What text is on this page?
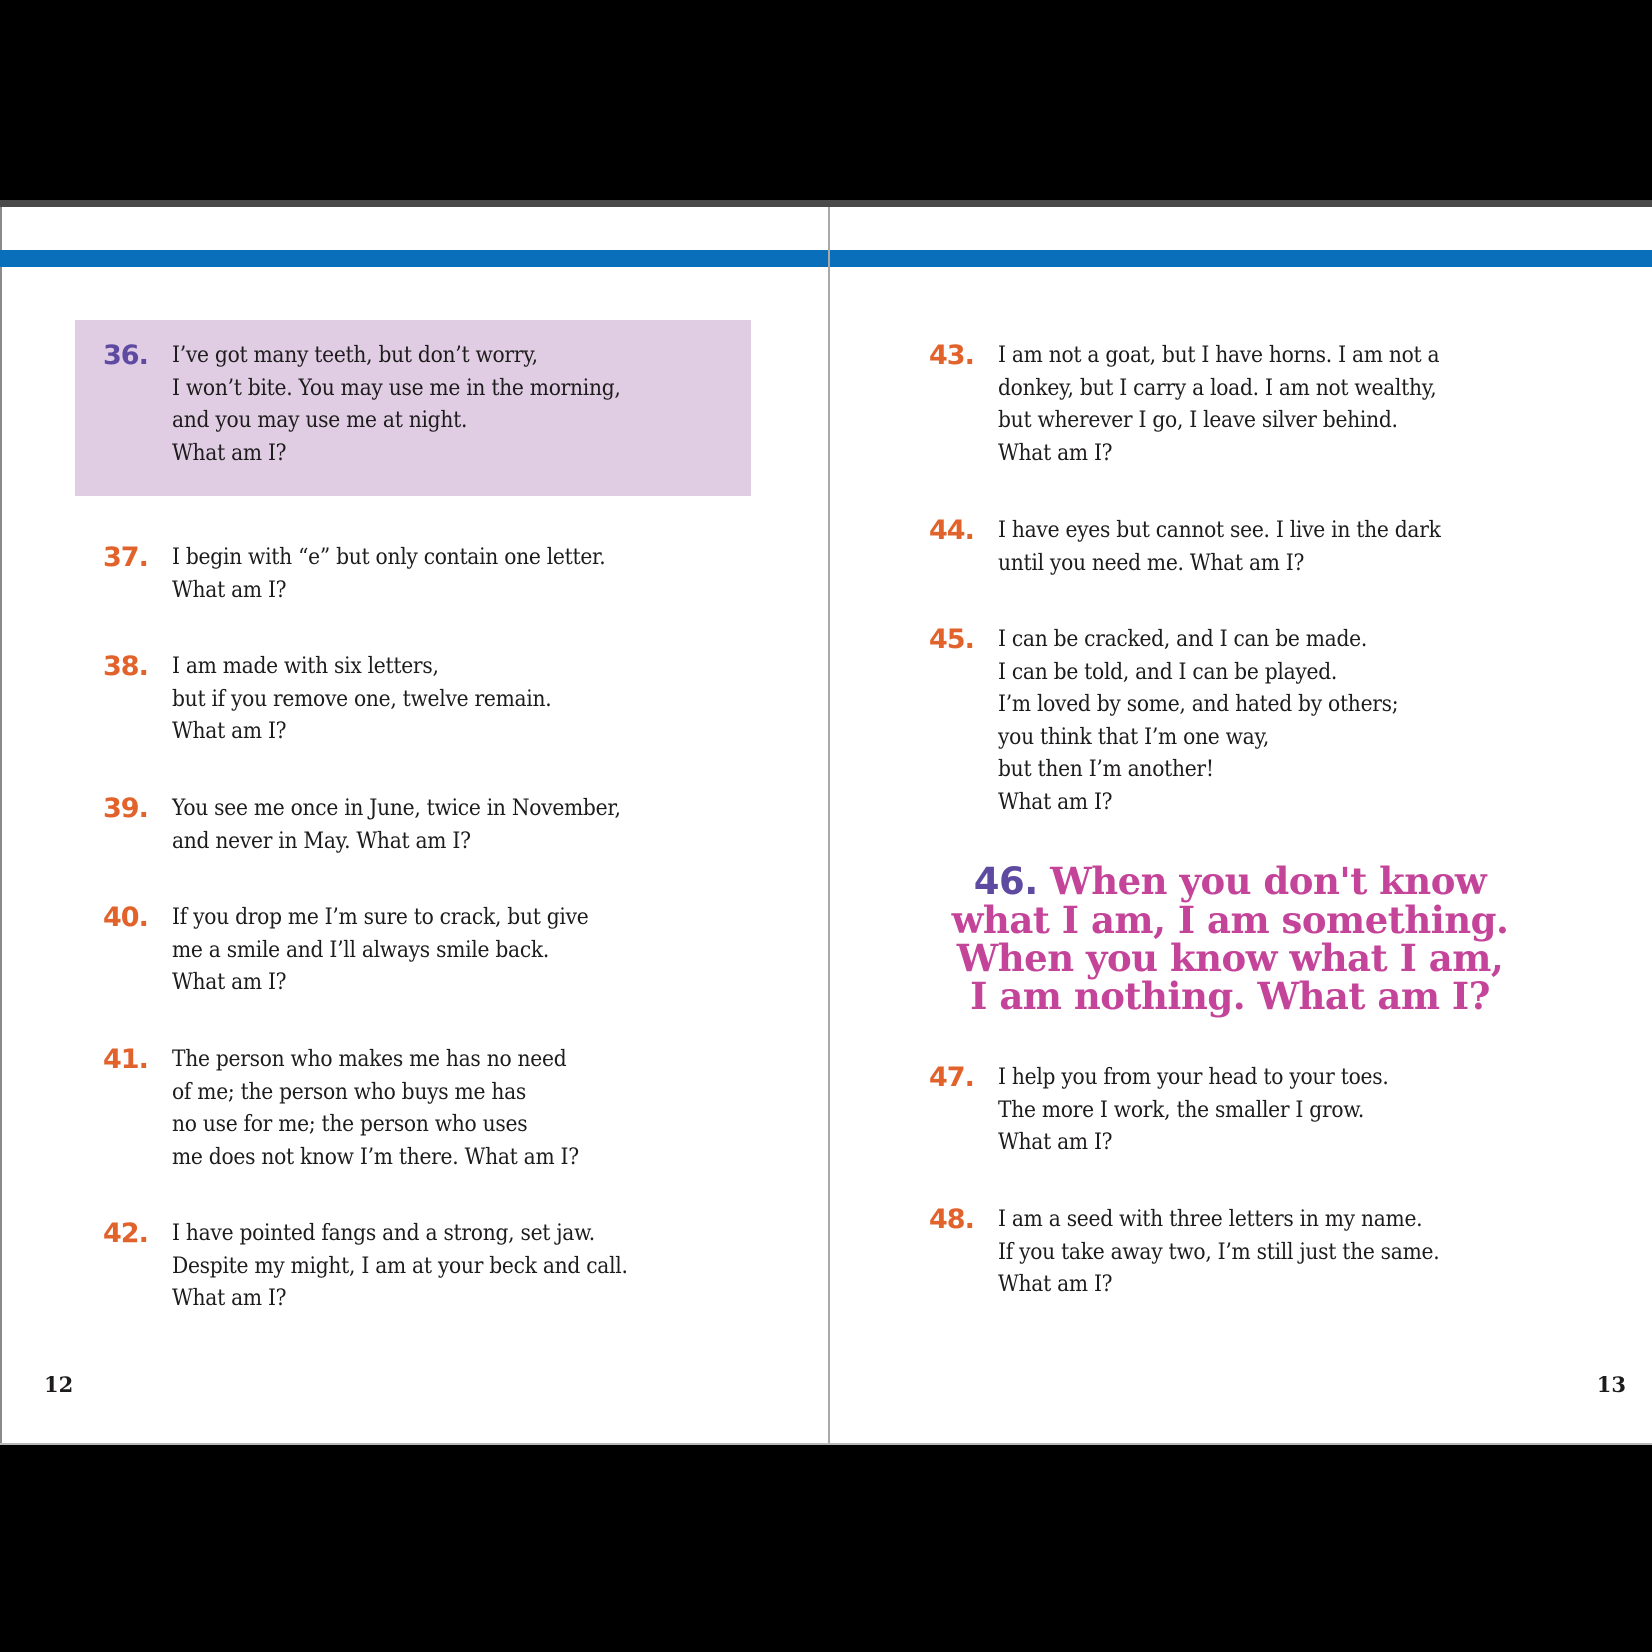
36.	I’ve got many teeth, but don’t worry,
I won’t bite. You may use me in the morning,
and you may use me at night.
What am I?
37.	I begin with “e” but only contain one letter.
What am I?
38.	I am made with six letters,
but if you remove one, twelve remain.
What am I?
39.	You see me once in June, twice in November,
and never in May. What am I?
40.	If you drop me I’m sure to crack, but give
me a smile and I’ll always smile back.
What am I?
41.	The person who makes me has no need
of me; the person who buys me has
no use for me; the person who uses
me does not know I’m there. What am I?
42.	I have pointed fangs and a strong, set jaw.
Despite my might, I am at your beck and call.
What am I?
12
43.	I am not a goat, but I have horns. I am not a
donkey, but I carry a load. I am not wealthy,
but wherever I go, I leave silver behind.
What am I?
44.	I have eyes but cannot see. I live in the dark
until you need me. What am I?
45.	I can be cracked, and I can be made.
I can be told, and I can be played.
I’m loved by some, and hated by others;
you think that I’m one way,
but then I’m another!
What am I?
46. When you don't know
what I am, I am something.
When you know what I am,
I am nothing. What am I?
47.	I help you from your head to your toes.
The more I work, the smaller I grow.
What am I?
48.	I am a seed with three letters in my name.
If you take away two, I’m still just the same.
What am I?
13
